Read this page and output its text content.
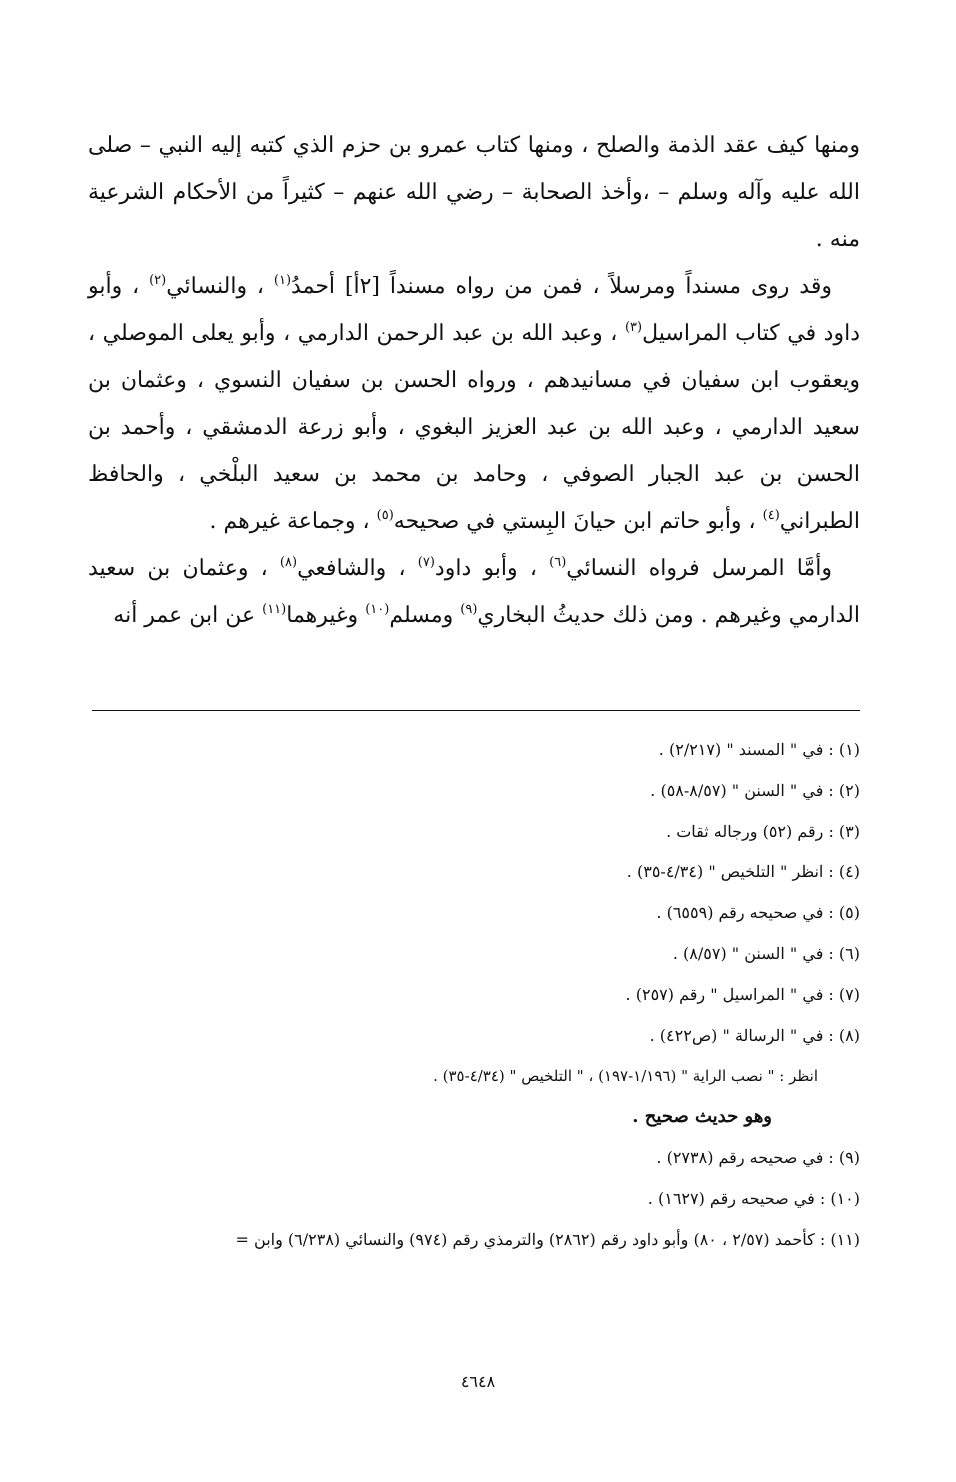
ومنها كيف عقد الذمة والصلح ، ومنها كتاب عمرو بن حزم الذي كتبه إليه النبي – صلى الله عليه وآله وسلم – ،وأخذ الصحابة – رضي الله عنهم – كثيراً من الأحكام الشرعية منه .

وقد روى مسنداً ومرسلاً ، فمن من رواه مسنداً [٢أ] أحمدُ$^{(١)}$ ، والنسائي$^{(٢)}$ ، وأبو داود في كتاب المراسيل$^{(٣)}$ ، وعبد الله بن عبد الرحمن الدارمي ، وأبو يعلى الموصلي ، ويعقوب ابن سفيان في مسانيدهم ، ورواه الحسن بن سفيان النسوي ، وعثمان بن سعيد الدارمي ، وعبد الله بن عبد العزيز البغوي ، وأبو زرعة الدمشقي ، وأحمد بن الحسن بن عبد الجبار الصوفي ، وحامد بن محمد بن سعيد البلْخي ، والحافظ الطبراني$^{(٤)}$ ، وأبو حاتم ابن حيانَ البِستي في صحيحه$^{(٥)}$ ، وجماعة غيرهم .

وأمَّا المرسل فرواه النسائي$^{(٦)}$ ، وأبو داود$^{(٧)}$ ، والشافعي$^{(٨)}$ ، وعثمان بن سعيد الدارمي وغيرهم . ومن ذلك حديثُ البخاري$^{(٩)}$ ومسلم$^{(١٠)}$ وغيرهما$^{(١١)}$ عن ابن عمر أنه

(١) : في " المسند " (٢/٢١٧) .
(٢) : في " السنن " (٨/٥٧-٥٨) .
(٣) : رقم (٥٢) ورجاله ثقات .
(٤) : انظر " التلخيص " (٤/٣٤-٣٥) .
(٥) : في صحيحه رقم (٦٥٥٩) .
(٦) : في " السنن " (٨/٥٧) .
(٧) : في " المراسيل " رقم (٢٥٧) .
(٨) : في " الرسالة " (ص٤٢٢) .
انظر : " نصب الراية " (١/١٩٦-١٩٧) ، " التلخيص " (٤/٣٤-٣٥) .
وهو حديث صحيح .
(٩) : في صحيحه رقم (٢٧٣٨) .
(١٠) : في صحيحه رقم (١٦٢٧) .
(١١) : كأحمد (٢/٥٧ ، ٨٠) وأبو داود رقم (٢٨٦٢) والترمذي رقم (٩٧٤) والنسائي (٦/٢٣٨) وابن =
٤٦٤٨
